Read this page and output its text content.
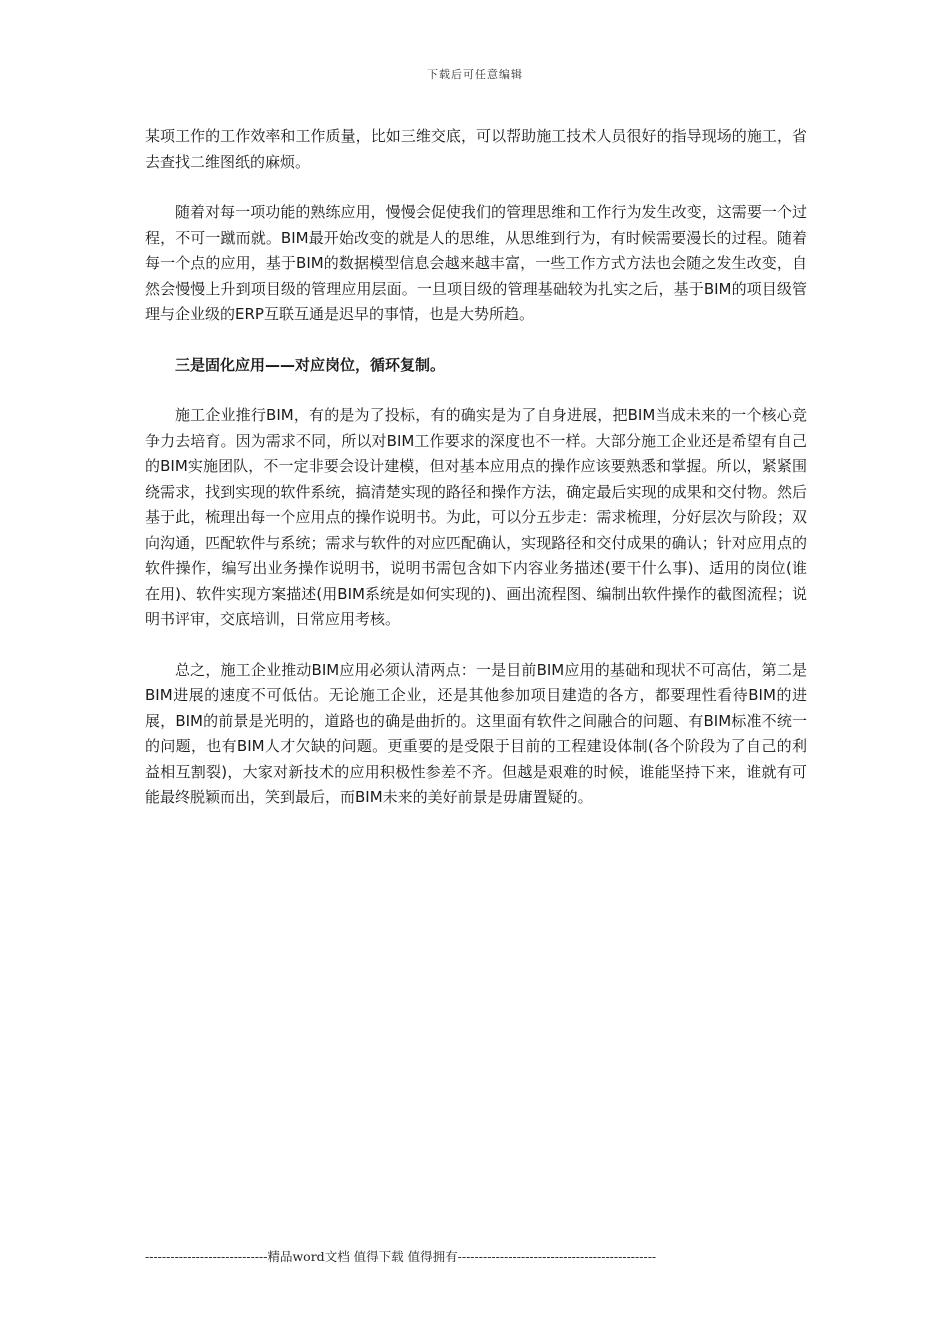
下载后可任意编辑

某项工作的工作效率和工作质量，比如三维交底，可以帮助施工技术人员很好的指导现场的施工，省去查找二维图纸的麻烦。

随着对每一项功能的熟练应用，慢慢会促使我们的管理思维和工作行为发生改变，这需要一个过程，不可一蹴而就。BIM最开始改变的就是人的思维，从思维到行为，有时候需要漫长的过程。随着每一个点的应用，基于BIM的数据模型信息会越来越丰富，一些工作方式方法也会随之发生改变，自然会慢慢上升到项目级的管理应用层面。一旦项目级的管理基础较为扎实之后，基于BIM的项目级管理与企业级的ERP互联互通是迟早的事情，也是大势所趋。

三是固化应用——对应岗位，循环复制。

施工企业推行BIM，有的是为了投标，有的确实是为了自身进展，把BIM当成未来的一个核心竞争力去培育。因为需求不同，所以对BIM工作要求的深度也不一样。大部分施工企业还是希望有自己的BIM实施团队，不一定非要会设计建模，但对基本应用点的操作应该要熟悉和掌握。所以，紧紧围绕需求，找到实现的软件系统，搞清楚实现的路径和操作方法，确定最后实现的成果和交付物。然后基于此，梳理出每一个应用点的操作说明书。为此，可以分五步走：需求梳理，分好层次与阶段；双向沟通，匹配软件与系统；需求与软件的对应匹配确认，实现路径和交付成果的确认；针对应用点的软件操作，编写出业务操作说明书，说明书需包含如下内容业务描述(要干什么事)、适用的岗位(谁在用)、软件实现方案描述(用BIM系统是如何实现的)、画出流程图、编制出软件操作的截图流程；说明书评审，交底培训，日常应用考核。

总之，施工企业推动BIM应用必须认清两点：一是目前BIM应用的基础和现状不可高估，第二是BIM进展的速度不可低估。无论施工企业，还是其他参加项目建造的各方，都要理性看待BIM的进展，BIM的前景是光明的，道路也的确是曲折的。这里面有软件之间融合的问题、有BIM标准不统一的问题，也有BIM人才欠缺的问题。更重要的是受限于目前的工程建设体制(各个阶段为了自己的利益相互割裂)，大家对新技术的应用积极性参差不齐。但越是艰难的时候，谁能坚持下来，谁就有可能最终脱颖而出，笑到最后，而BIM未来的美好前景是毋庸置疑的。

-----------------------------精品word文档 值得下载 值得拥有-----------------------------------------------
